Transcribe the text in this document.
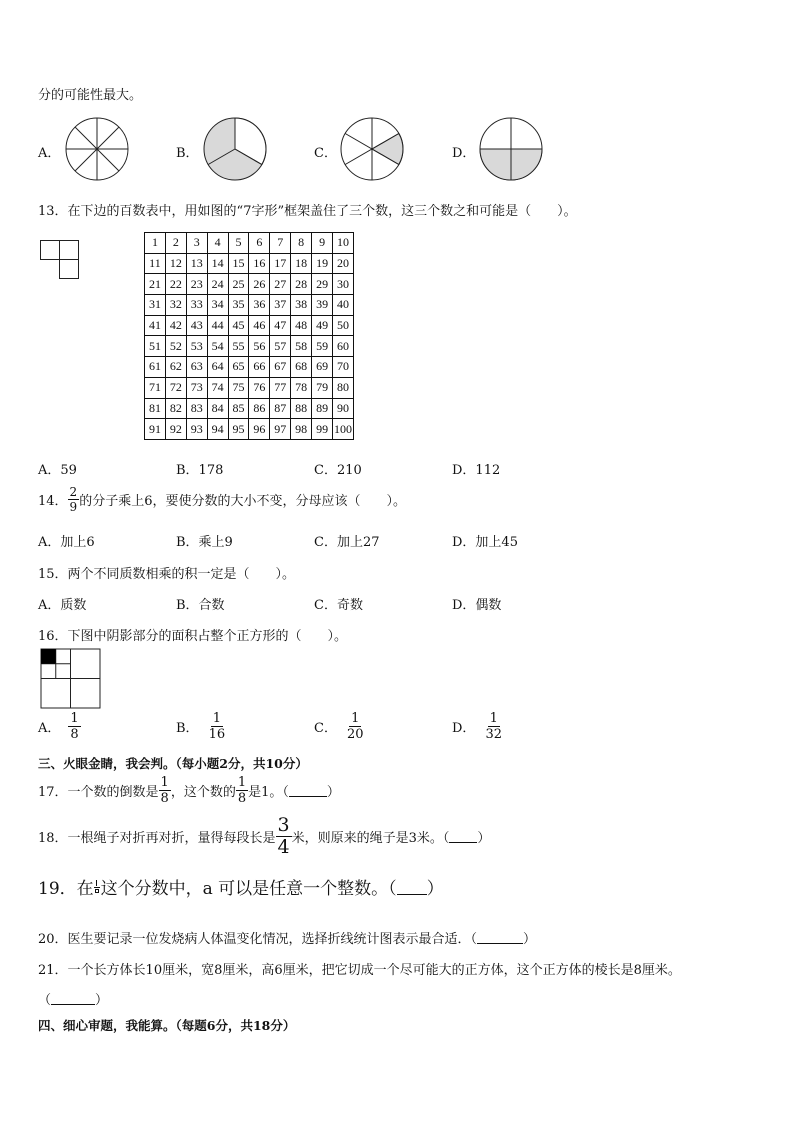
分的可能性最大。
A．	B．	C．	D．
13．在下边的百数表中，用如图的“7字形”框架盖住了三个数，这三个数之和可能是（　　）。
1	2	3	4	5	6	7	8	9	10
11	12	13	14	15	16	17	18	19	20
21	22	23	24	25	26	27	28	29	30
31	32	33	34	35	36	37	38	39	40
41	42	43	44	45	46	47	48	49	50
51	52	53	54	55	56	57	58	59	60
61	62	63	64	65	66	67	68	69	70
71	72	73	74	75	76	77	78	79	80
81	82	83	84	85	86	87	88	89	90
91	92	93	94	95	96	97	98	99	100
A．59	B．178	C．210	D．112
14． $\frac{2}{9}$ 的分子乘上6，要使分数的大小不变，分母应该（　　）。
A．加上6	B．乘上9	C．加上27	D．加上45
15．两个不同质数相乘的积一定是（　　）。
A．质数	B．合数	C．奇数	D．偶数
16．下图中阴影部分的面积占整个正方形的（　　）。
A． $\frac{1}{8}$	B． $\frac{1}{16}$	C． $\frac{1}{20}$	D． $\frac{1}{32}$
三、火眼金睛，我会判。（每小题2分，共10分）
17．一个数的倒数是 $\frac{1}{8}$ ，这个数的 $\frac{1}{8}$ 是1。（	）
18．一根绳子对折再对折，量得每段长是 $\frac{3}{4}$ 米，则原来的绳子是3米。（ ）
19．在 这个分数中，a 可以是任意一个整数。（ ）
20．医生要记录一位发烧病人体温变化情况，选择折线统计图表示最合适．（	）
21．一个长方体长10厘米，宽8厘米，高6厘米，把它切成一个尽可能大的正方体，这个正方体的棱长是8厘米。
（	）
四、细心审题，我能算。（每题6分，共18分）
